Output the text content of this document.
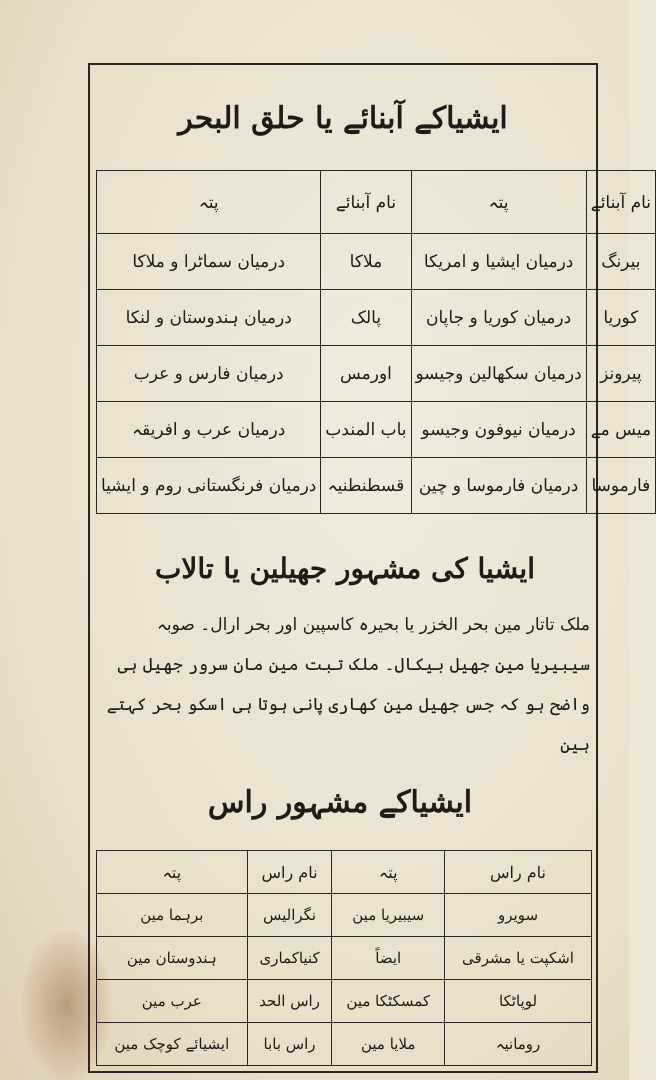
ایشیاکے آبنائے یا حلق البحر
نام آبنائے	پتہ	نام آبنائے	پتہ
بیرنگ	درمیان ایشیا و امریکا	ملاکا	درمیان سماٹرا و ملاکا
کوریا	درمیان کوریا و جاپان	پالک	درمیان ہندوستان و لنکا
پیرونز	درمیان سکھالین وجیسو	اورمس	درمیان فارس و عرب
میس مے	درمیان نیوفون وجیسو	باب المندب	درمیان عرب و افریقہ
فارموسا	درمیان فارموسا و چین	قسطنطنیہ	درمیان فرنگستانی روم و ایشیا
ایشیا کی مشہور جھیلین یا تالاب
ملک تاتار مین بحر الخزر یا بحیرہ کاسپین اور بحر ارال۔ صوبہ
سیبیریا مین جھیل بیکال۔ ملک تبت مین مان سرور جھیل ہی
واضح ہو کہ جس جھیل مین کھاری پانی ہوتا ہی اسکو بحر کہتے ہین
ایشیاکے مشہور راس
نام راس	پتہ	نام راس	پتہ
سویرو	سیبیریا مین	نگرالیس	برہما مین
اشکپت یا مشرقی	ایضاً	کنیاکماری	ہندوستان مین
لوپاٹکا	کمسکٹکا مین	راس الحد	عرب مین
رومانیہ	ملایا مین	راس بابا	ایشیائے کوچک مین
